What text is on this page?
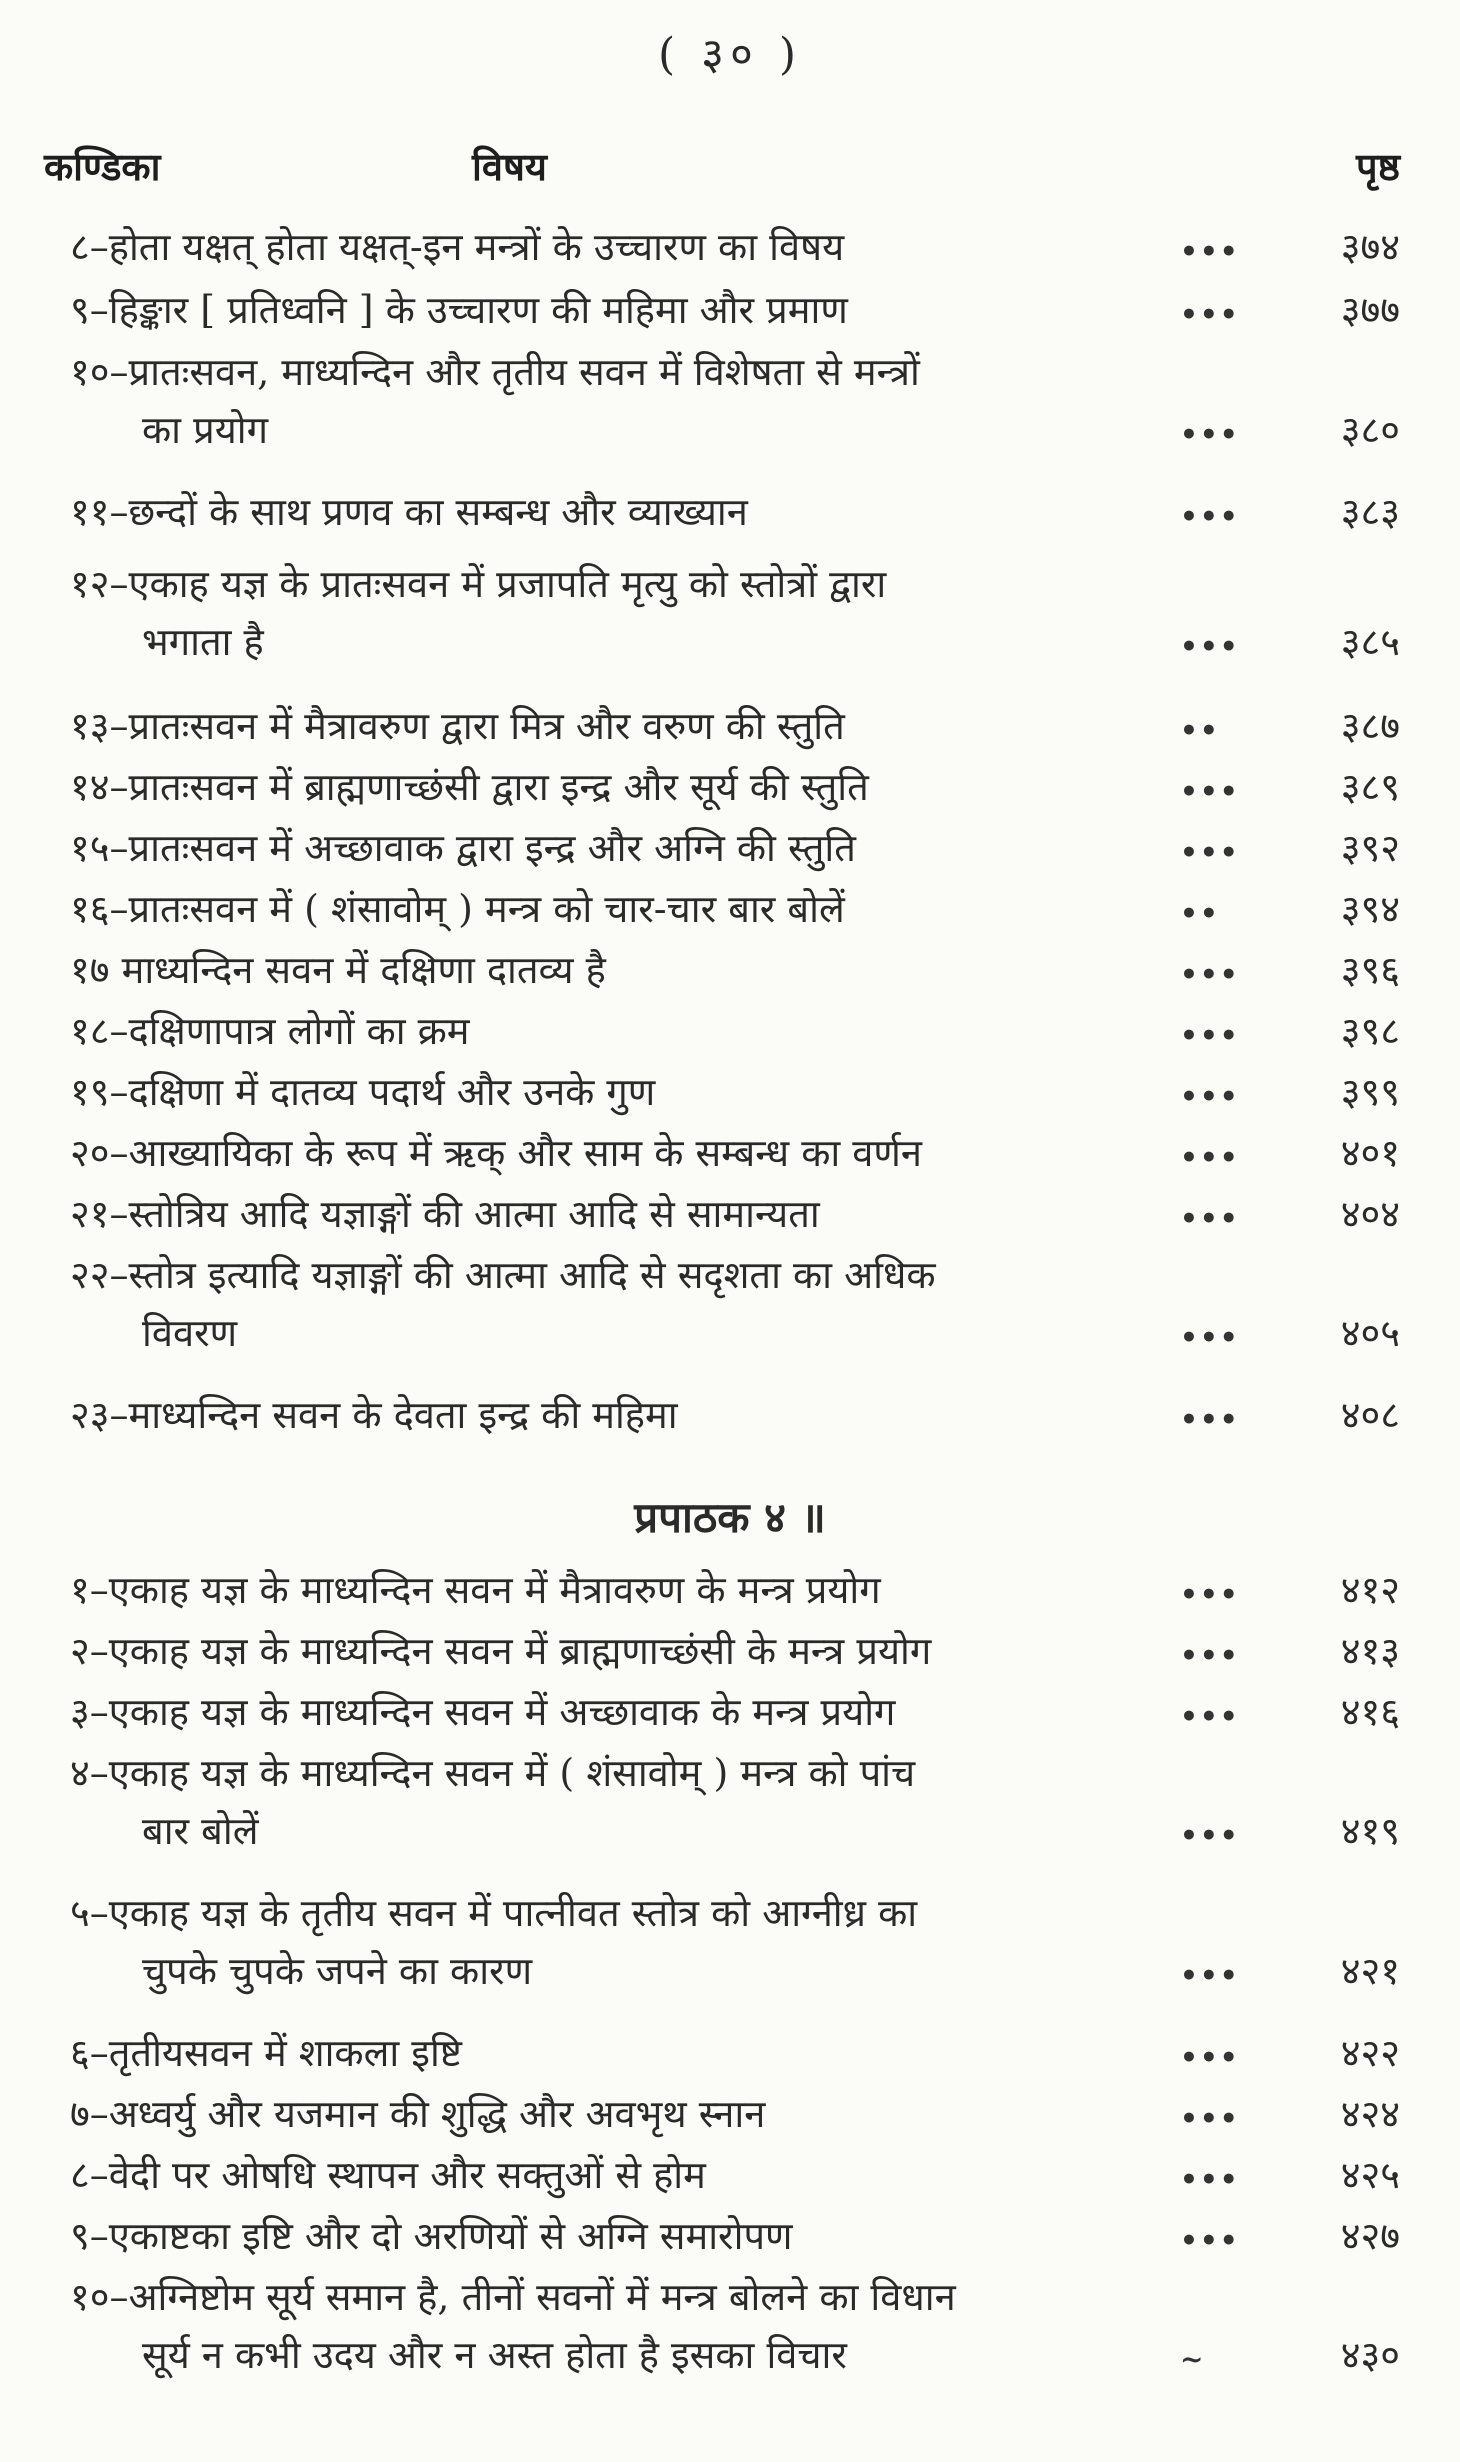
( ३० )
कण्डिका	विषय	पृष्ठ
८–होता यक्षत् होता यक्षत्-इन मन्त्रों के उच्चारण का विषय	•••	३७४
९–हिङ्कार [ प्रतिध्वनि ] के उच्चारण की महिमा और प्रमाण	•••	३७७
१०–प्रातःसवन, माध्यन्दिन और तृतीय सवन में विशेषता से मन्त्रों
का प्रयोग	•••	३८०
११–छन्दों के साथ प्रणव का सम्बन्ध और व्याख्यान	•••	३८३
१२–एकाह यज्ञ के प्रातःसवन में प्रजापति मृत्यु को स्तोत्रों द्वारा
भगाता है	•••	३८५
१३–प्रातःसवन में मैत्रावरुण द्वारा मित्र और वरुण की स्तुति	••	३८७
१४–प्रातःसवन में ब्राह्मणाच्छंसी द्वारा इन्द्र और सूर्य की स्तुति	•••	३८९
१५–प्रातःसवन में अच्छावाक द्वारा इन्द्र और अग्नि की स्तुति	•••	३९२
१६–प्रातःसवन में ( शंसावोम् ) मन्त्र को चार-चार बार बोलें	••	३९४
१७ माध्यन्दिन सवन में दक्षिणा दातव्य है	•••	३९६
१८–दक्षिणापात्र लोगों का क्रम	•••	३९८
१९–दक्षिणा में दातव्य पदार्थ और उनके गुण	•••	३९९
२०–आख्यायिका के रूप में ऋक् और साम के सम्बन्ध का वर्णन	•••	४०१
२१–स्तोत्रिय आदि यज्ञाङ्गों की आत्मा आदि से सामान्यता	•••	४०४
२२–स्तोत्र इत्यादि यज्ञाङ्गों की आत्मा आदि से सदृशता का अधिक
विवरण	•••	४०५
२३–माध्यन्दिन सवन के देवता इन्द्र की महिमा	•••	४०८
प्रपाठक ४ ॥
१–एकाह यज्ञ के माध्यन्दिन सवन में मैत्रावरुण के मन्त्र प्रयोग	•••	४१२
२–एकाह यज्ञ के माध्यन्दिन सवन में ब्राह्मणाच्छंसी के मन्त्र प्रयोग	•••	४१३
३–एकाह यज्ञ के माध्यन्दिन सवन में अच्छावाक के मन्त्र प्रयोग	•••	४१६
४–एकाह यज्ञ के माध्यन्दिन सवन में ( शंसावोम् ) मन्त्र को पांच
बार बोलें	•••	४१९
५–एकाह यज्ञ के तृतीय सवन में पात्नीवत स्तोत्र को आग्नीध्र का
चुपके चुपके जपने का कारण	•••	४२१
६–तृतीयसवन में शाकला इष्टि	•••	४२२
७–अध्वर्यु और यजमान की शुद्धि और अवभृथ स्नान	•••	४२४
८–वेदी पर ओषधि स्थापन और सक्तुओं से होम	•••	४२५
९–एकाष्टका इष्टि और दो अरणियों से अग्नि समारोपण	•••	४२७
१०–अग्निष्टोम सूर्य समान है, तीनों सवनों में मन्त्र बोलने का विधान
सूर्य न कभी उदय और न अस्त होता है इसका विचार	~	४३०
